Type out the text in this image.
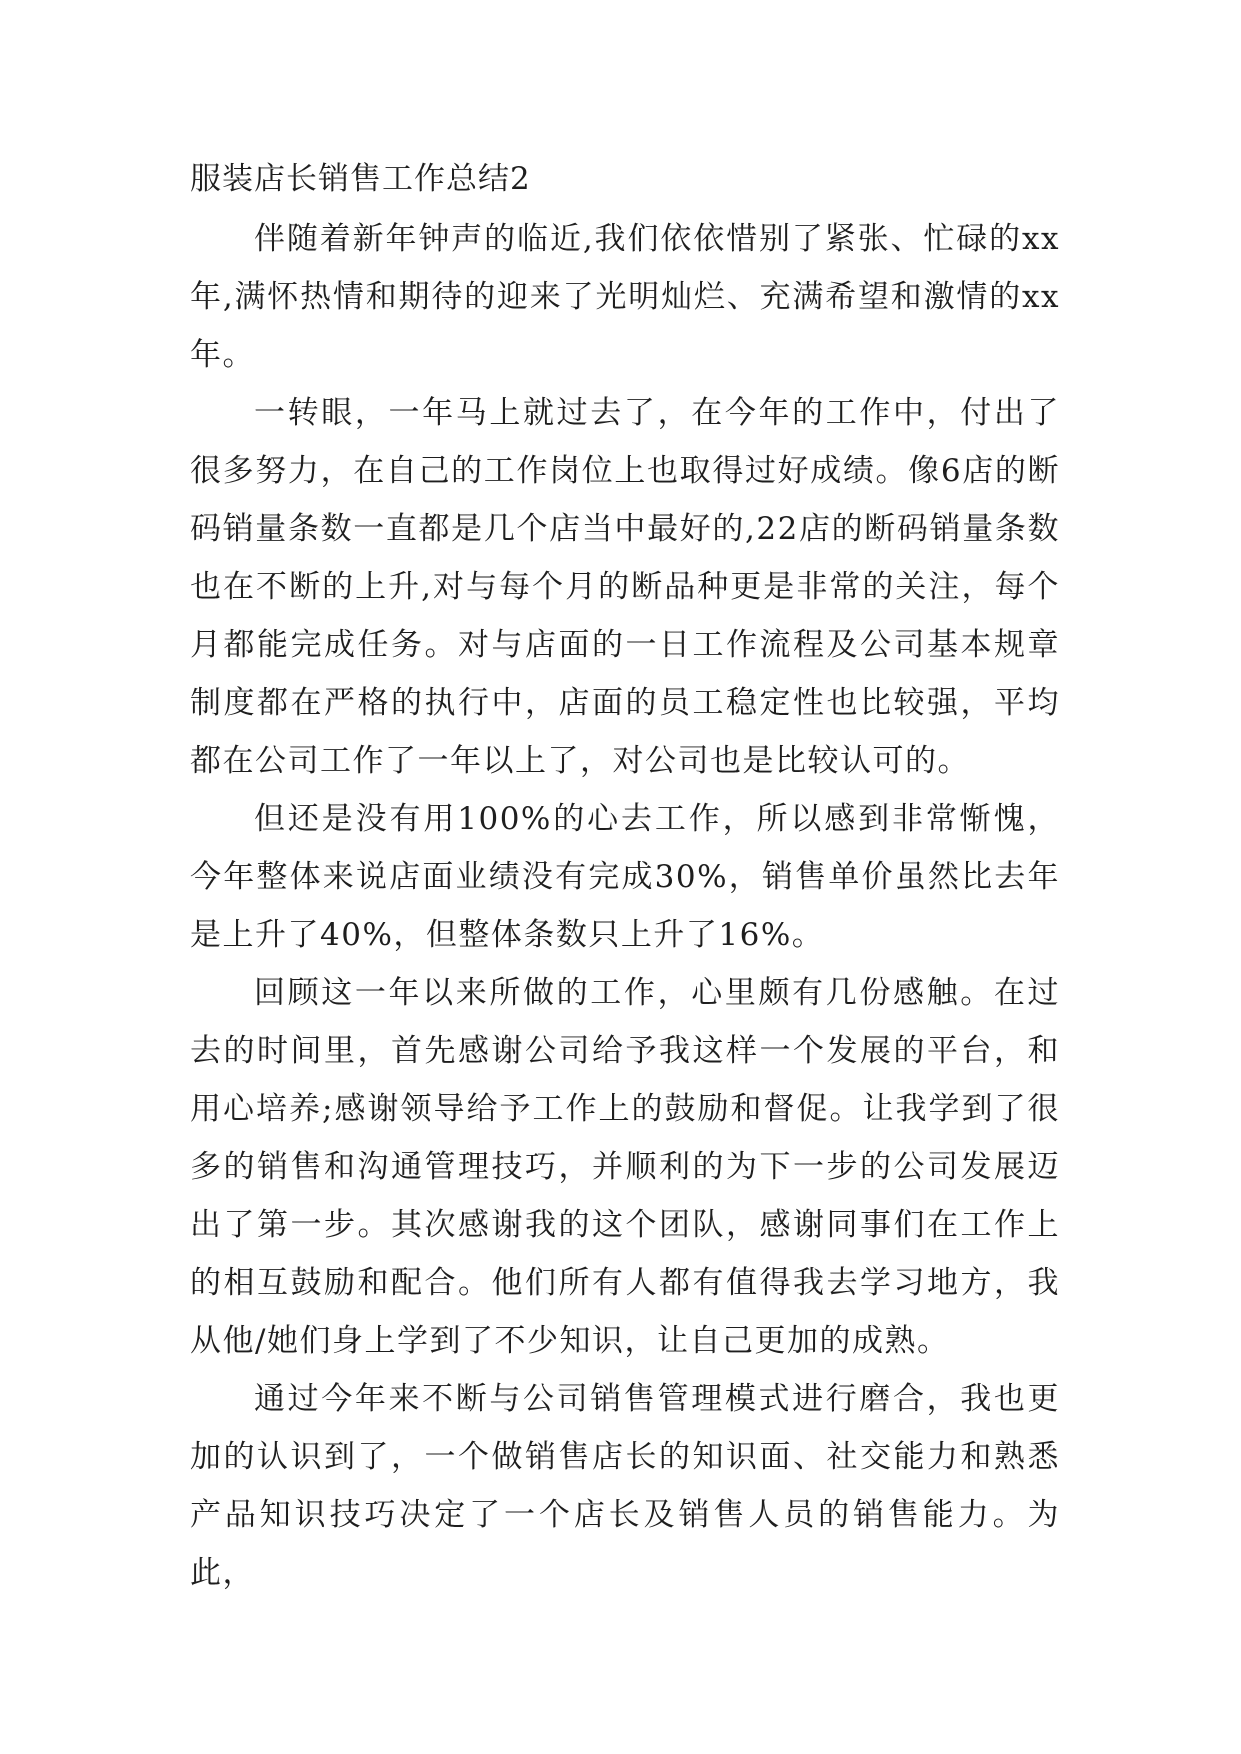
服装店长销售工作总结2

伴随着新年钟声的临近,我们依依惜别了紧张、忙碌的xx年,满怀热情和期待的迎来了光明灿烂、充满希望和激情的xx年。

一转眼，一年马上就过去了，在今年的工作中，付出了很多努力，在自己的工作岗位上也取得过好成绩。像6店的断码销量条数一直都是几个店当中最好的,22店的断码销量条数也在不断的上升,对与每个月的断品种更是非常的关注，每个月都能完成任务。对与店面的一日工作流程及公司基本规章制度都在严格的执行中，店面的员工稳定性也比较强，平均都在公司工作了一年以上了，对公司也是比较认可的。

但还是没有用100%的心去工作，所以感到非常惭愧，今年整体来说店面业绩没有完成30%，销售单价虽然比去年是上升了40%，但整体条数只上升了16%。

回顾这一年以来所做的工作，心里颇有几份感触。在过去的时间里，首先感谢公司给予我这样一个发展的平台，和用心培养;感谢领导给予工作上的鼓励和督促。让我学到了很多的销售和沟通管理技巧，并顺利的为下一步的公司发展迈出了第一步。其次感谢我的这个团队，感谢同事们在工作上的相互鼓励和配合。他们所有人都有值得我去学习地方，我从他/她们身上学到了不少知识，让自己更加的成熟。

通过今年来不断与公司销售管理模式进行磨合，我也更加的认识到了，一个做销售店长的知识面、社交能力和熟悉产品知识技巧决定了一个店长及销售人员的销售能力。为此，
